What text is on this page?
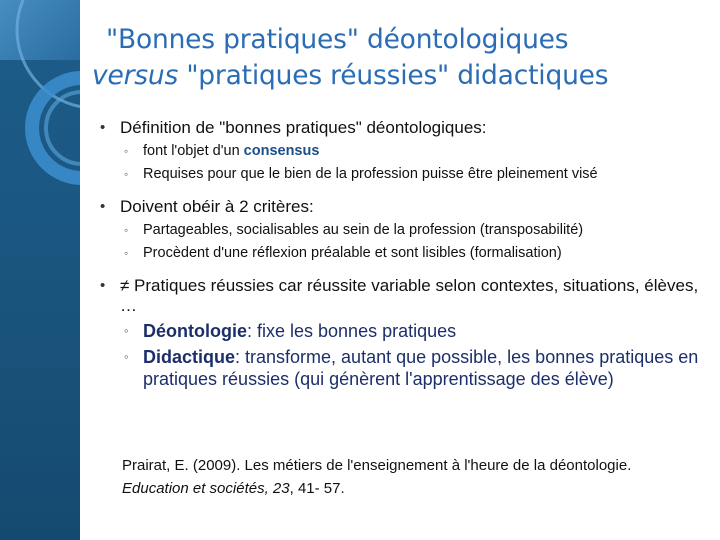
"Bonnes pratiques" déontologiques
versus "pratiques réussies" didactiques
• Définition de "bonnes pratiques" déontologiques:
◦ font l'objet d'un consensus
◦ Requises pour que le bien de la profession puisse être pleinement visé
• Doivent obéir à 2 critères:
◦ Partageables, socialisables au sein de la profession (transposabilité)
◦ Procèdent d'une réflexion préalable et sont lisibles (formalisation)
• ≠ Pratiques réussies car réussite variable selon contextes, situations, élèves, …
◦ Déontologie: fixe les bonnes pratiques
◦ Didactique: transforme, autant que possible, les bonnes pratiques en pratiques réussies (qui génèrent l'apprentissage des élève)
Prairat, E. (2009). Les métiers de l'enseignement à l'heure de la déontologie. Education et sociétés, 23, 41- 57.
